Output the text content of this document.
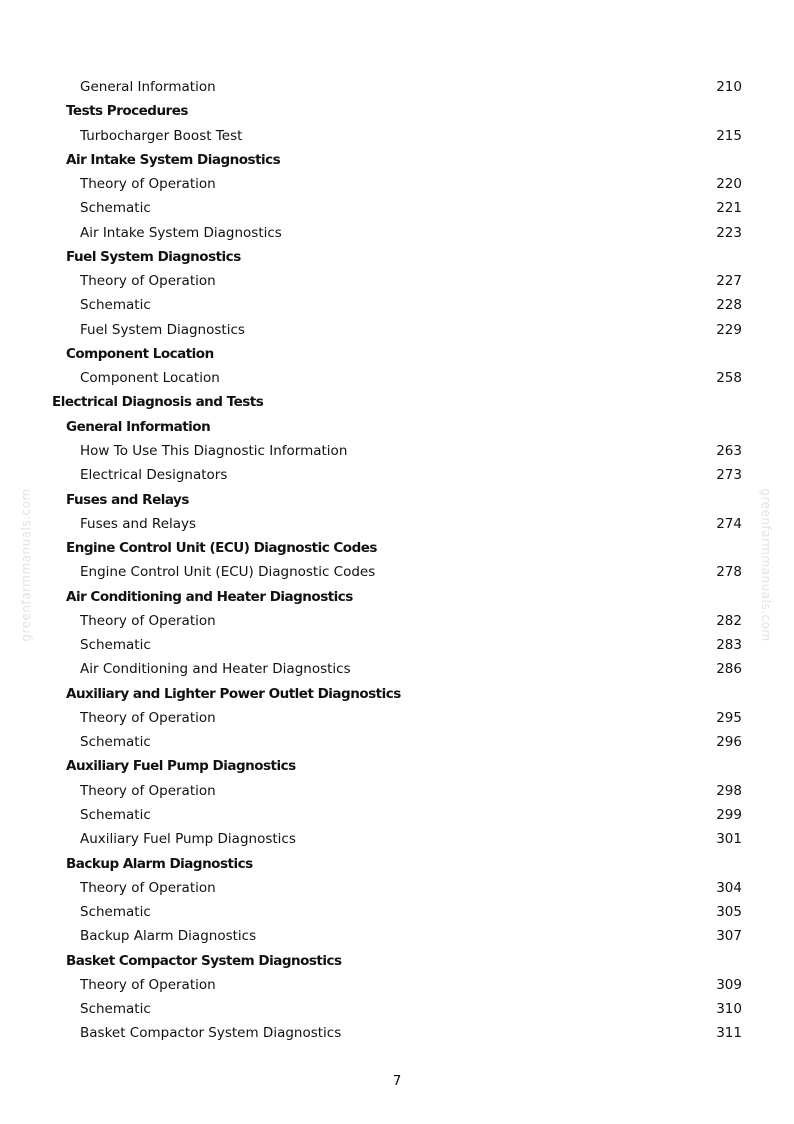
greenfarmmanuals.com	greenfarmmanuals.com
General Information	210
Tests Procedures
Turbocharger Boost Test	215
Air Intake System Diagnostics
Theory of Operation	220
Schematic	221
Air Intake System Diagnostics	223
Fuel System Diagnostics
Theory of Operation	227
Schematic	228
Fuel System Diagnostics	229
Component Location
Component Location	258
Electrical Diagnosis and Tests
General Information
How To Use This Diagnostic Information	263
Electrical Designators	273
Fuses and Relays
Fuses and Relays	274
Engine Control Unit (ECU) Diagnostic Codes
Engine Control Unit (ECU) Diagnostic Codes	278
Air Conditioning and Heater Diagnostics
Theory of Operation	282
Schematic	283
Air Conditioning and Heater Diagnostics	286
Auxiliary and Lighter Power Outlet Diagnostics
Theory of Operation	295
Schematic	296
Auxiliary Fuel Pump Diagnostics
Theory of Operation	298
Schematic	299
Auxiliary Fuel Pump Diagnostics	301
Backup Alarm Diagnostics
Theory of Operation	304
Schematic	305
Backup Alarm Diagnostics	307
Basket Compactor System Diagnostics
Theory of Operation	309
Schematic	310
Basket Compactor System Diagnostics	311
7
